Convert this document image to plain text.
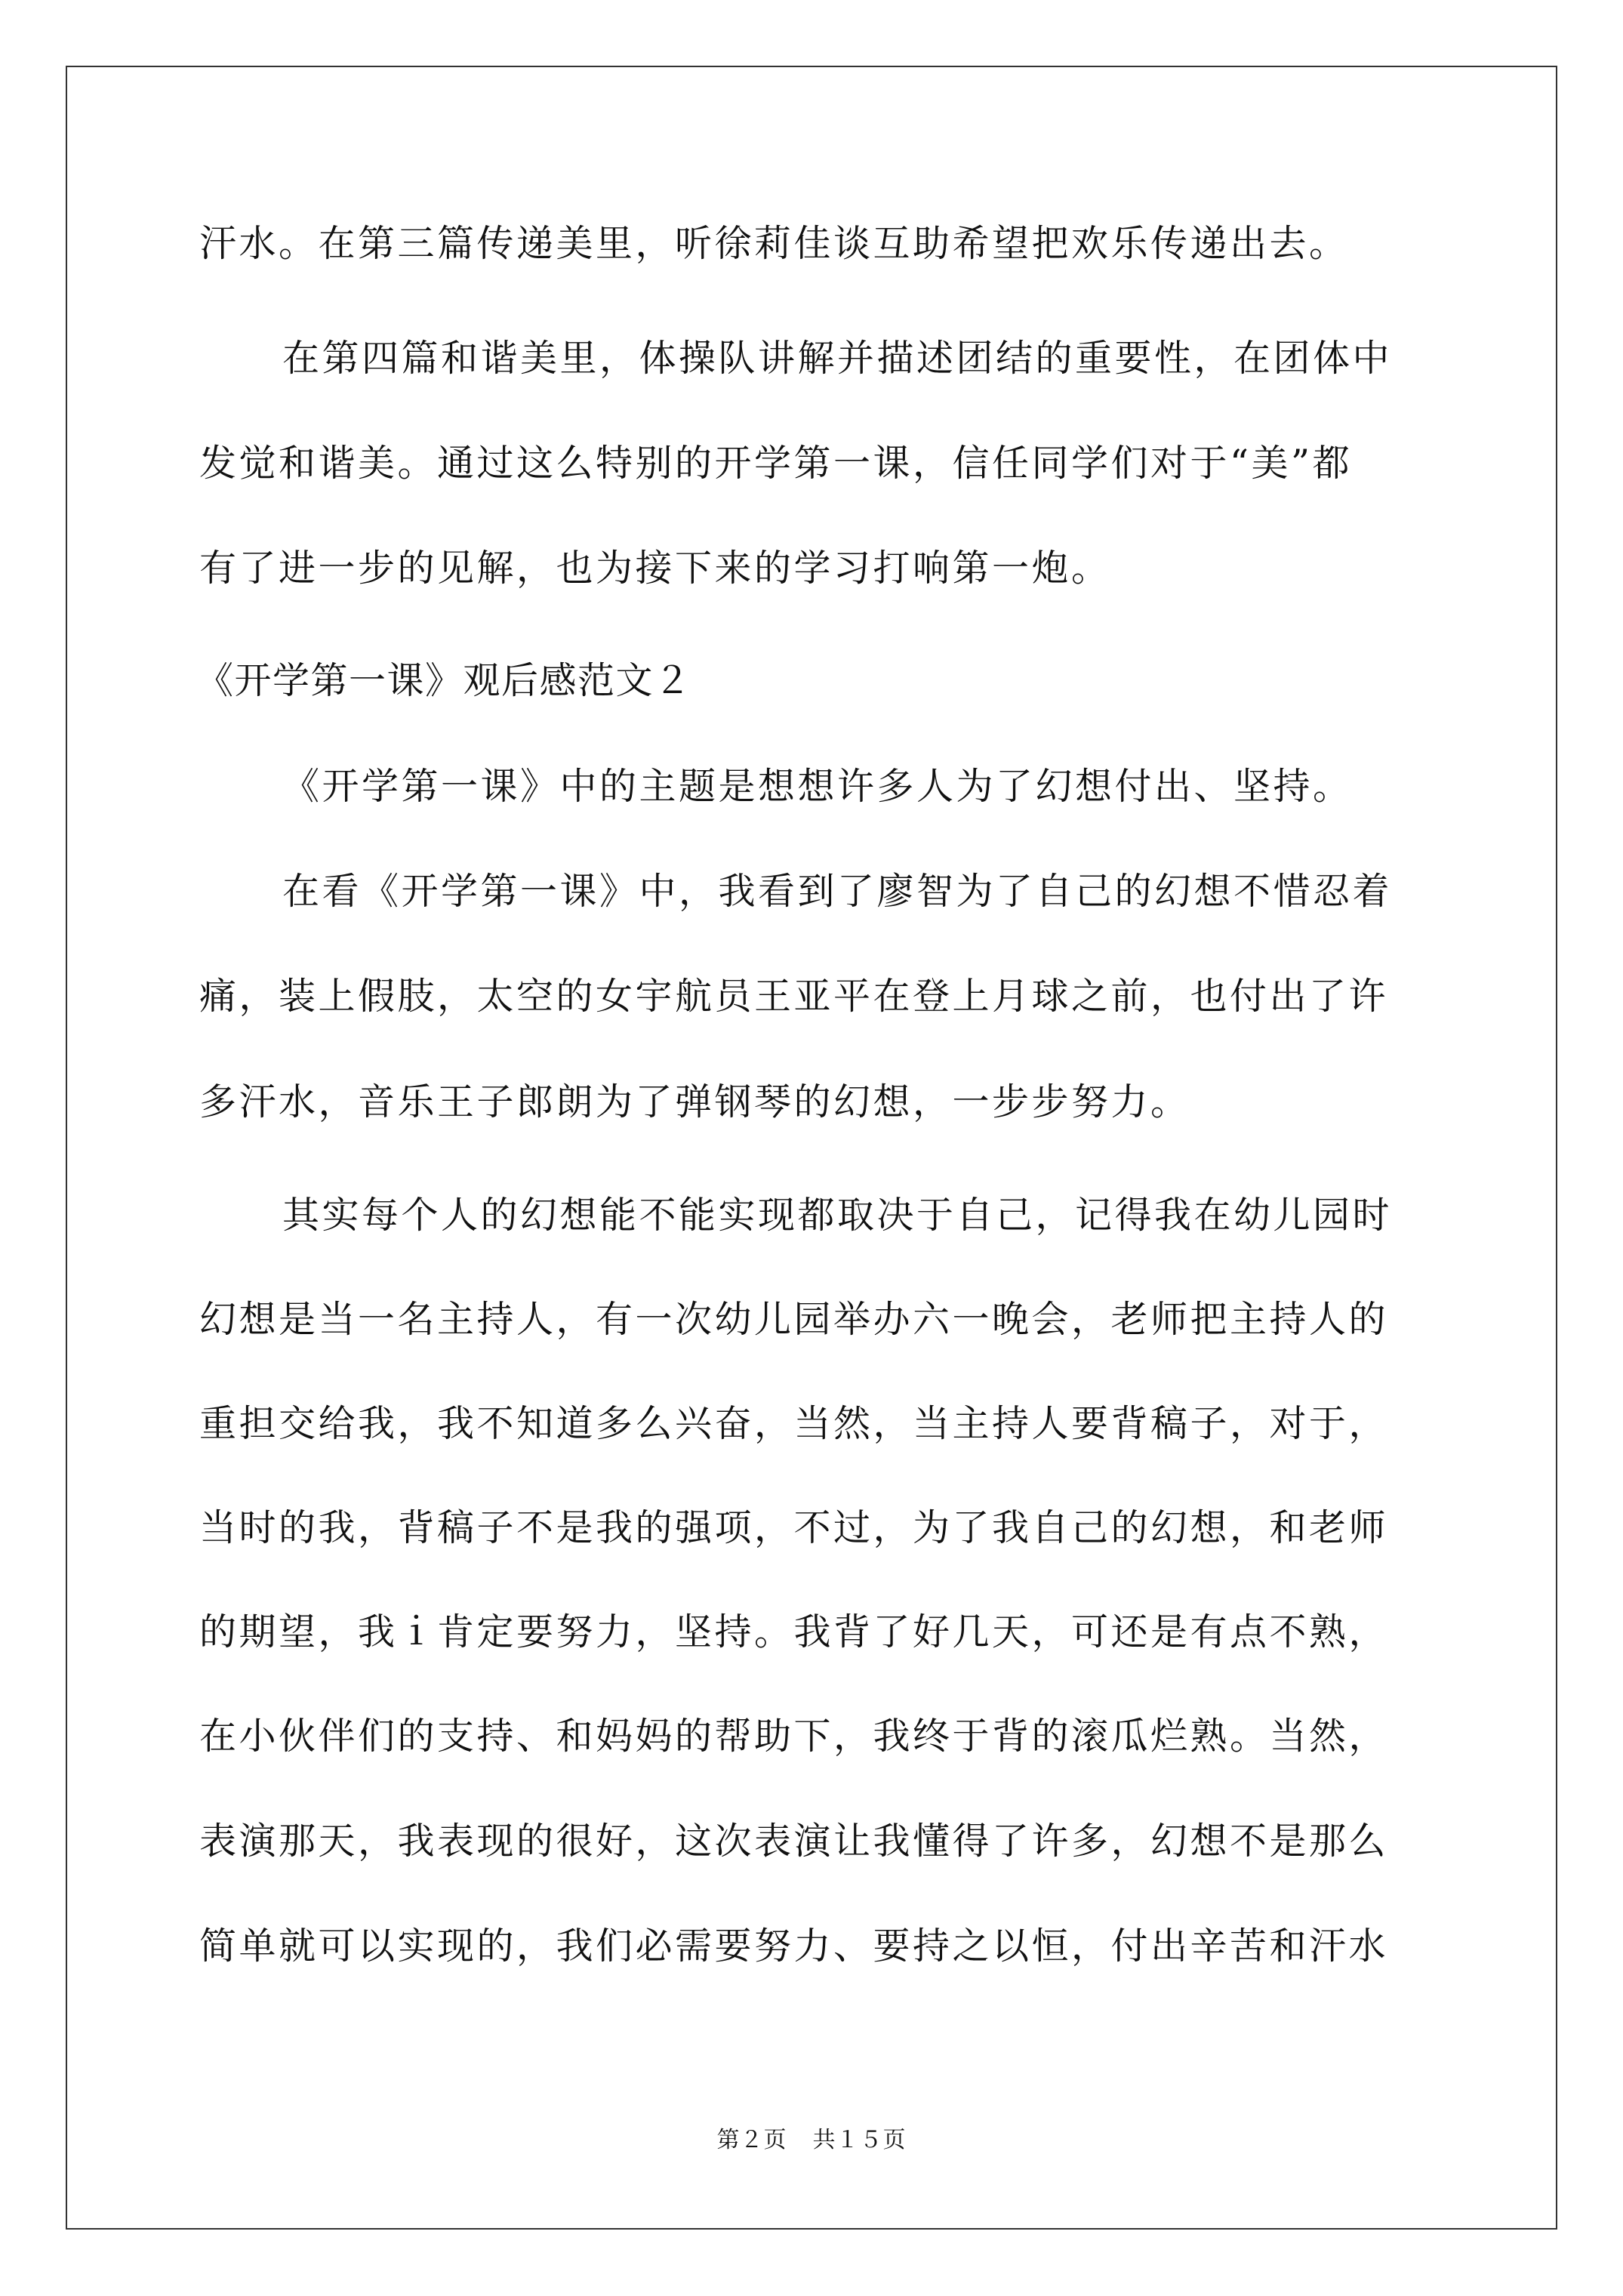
汗水。在第三篇传递美里，听徐莉佳谈互助希望把欢乐传递出去。
在第四篇和谐美里，体操队讲解并描述团结的重要性，在团体中
发觉和谐美。通过这么特别的开学第一课，信任同学们对于“美”都
有了进一步的见解，也为接下来的学习打响第一炮。
《开学第一课》观后感范文２
《开学第一课》中的主题是想想许多人为了幻想付出、坚持。
在看《开学第一课》中，我看到了廖智为了自己的幻想不惜忍着
痛，装上假肢，太空的女宇航员王亚平在登上月球之前，也付出了许
多汗水，音乐王子郎朗为了弹钢琴的幻想，一步步努力。
其实每个人的幻想能不能实现都取决于自己，记得我在幼儿园时
幻想是当一名主持人，有一次幼儿园举办六一晚会，老师把主持人的
重担交给我，我不知道多么兴奋，当然，当主持人要背稿子，对于，
当时的我，背稿子不是我的强项，不过，为了我自己的幻想，和老师
的期望，我ｉ肯定要努力，坚持。我背了好几天，可还是有点不熟，
在小伙伴们的支持、和妈妈的帮助下，我终于背的滚瓜烂熟。当然，
表演那天，我表现的很好，这次表演让我懂得了许多，幻想不是那么
简单就可以实现的，我们必需要努力、要持之以恒，付出辛苦和汗水
第２页 共１５页
